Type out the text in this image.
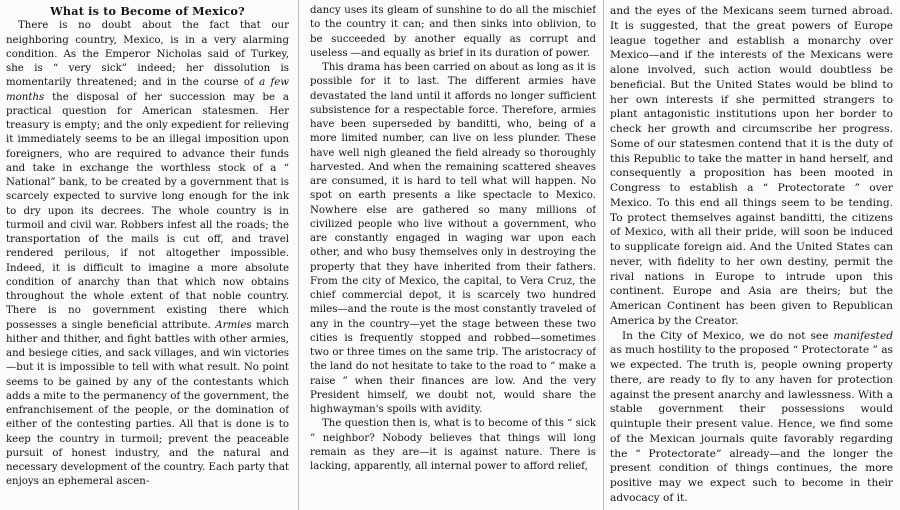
What is to Become of Mexico?

There is no doubt about the fact that our neighboring country, Mexico, is in a very alarming condition. As the Emperor Nicholas said of Turkey, she is “ very sick” indeed; her dissolution is momentarily threatened; and in the course of a few months the disposal of her succession may be a practical question for American statesmen. Her treasury is empty; and the only expedient for relieving it immediately seems to be an illegal imposition upon foreigners, who are required to advance their funds and take in exchange the worthless stock of a “ National” bank, to be created by a government that is scarcely expected to survive long enough for the ink to dry upon its decrees. The whole country is in turmoil and civil war. Robbers infest all the roads; the transportation of the mails is cut off, and travel rendered perilous, if not altogether impossible. Indeed, it is difficult to imagine a more absolute condition of anarchy than that which now obtains throughout the whole extent of that noble country. There is no government existing there which possesses a single beneficial attribute. Armies march hither and thither, and fight battles with other armies, and besiege cities, and sack villages, and win victories—but it is impossible to tell with what result. No point seems to be gained by any of the contestants which adds a mite to the permanency of the government, the enfranchisement of the people, or the domination of either of the contesting parties. All that is done is to keep the country in turmoil; prevent the peaceable pursuit of honest industry, and the natural and necessary development of the country. Each party that enjoys an ephemeral ascen-

dancy uses its gleam of sunshine to do all the mischief to the country it can; and then sinks into oblivion, to be succeeded by another equally as corrupt and useless —and equally as brief in its duration of power.

This drama has been carried on about as long as it is possible for it to last. The different armies have devastated the land until it affords no longer sufficient subsistence for a respectable force. Therefore, armies have been superseded by banditti, who, being of a more limited number, can live on less plunder. These have well nigh gleaned the field already so thoroughly harvested. And when the remaining scattered sheaves are consumed, it is hard to tell what will happen. No spot on earth presents a like spectacle to Mexico. Nowhere else are gathered so many millions of civilized people who live without a government, who are constantly engaged in waging war upon each other, and who busy themselves only in destroying the property that they have inherited from their fathers. From the city of Mexico, the capital, to Vera Cruz, the chief commercial depot, it is scarcely two hundred miles—and the route is the most constantly traveled of any in the country—yet the stage between these two cities is frequently stopped and robbed—sometimes two or three times on the same trip. The aristocracy of the land do not hesitate to take to the road to “ make a raise ” when their finances are low. And the very President himself, we doubt not, would share the highwayman's spoils with avidity.

The question then is, what is to become of this “ sick ” neighbor? Nobody believes that things will long remain as they are—it is against nature. There is lacking, apparently, all internal power to afford relief,

and the eyes of the Mexicans seem turned abroad. It is suggested, that the great powers of Europe league together and establish a monarchy over Mexico—and if the interests of the Mexicans were alone involved, such action would doubtless be beneficial. But the United States would be blind to her own interests if she permitted strangers to plant antagonistic institutions upon her border to check her growth and circumscribe her progress. Some of our statesmen contend that it is the duty of this Republic to take the matter in hand herself, and consequently a proposition has been mooted in Congress to establish a “ Protectorate ” over Mexico. To this end all things seem to be tending. To protect themselves against banditti, the citizens of Mexico, with all their pride, will soon be induced to supplicate foreign aid. And the United States can never, with fidelity to her own destiny, permit the rival nations in Europe to intrude upon this continent. Europe and Asia are theirs; but the American Continent has been given to Republican America by the Creator.

In the City of Mexico, we do not see manifested as much hostility to the proposed “ Protectorate ” as we expected. The truth is, people owning property there, are ready to fly to any haven for protection against the present anarchy and lawlessness. With a stable government their possessions would quintuple their present value. Hence, we find some of the Mexican journals quite favorably regarding the “ Protectorate” already—and the longer the present condition of things continues, the more positive may we expect such to become in their advocacy of it.
